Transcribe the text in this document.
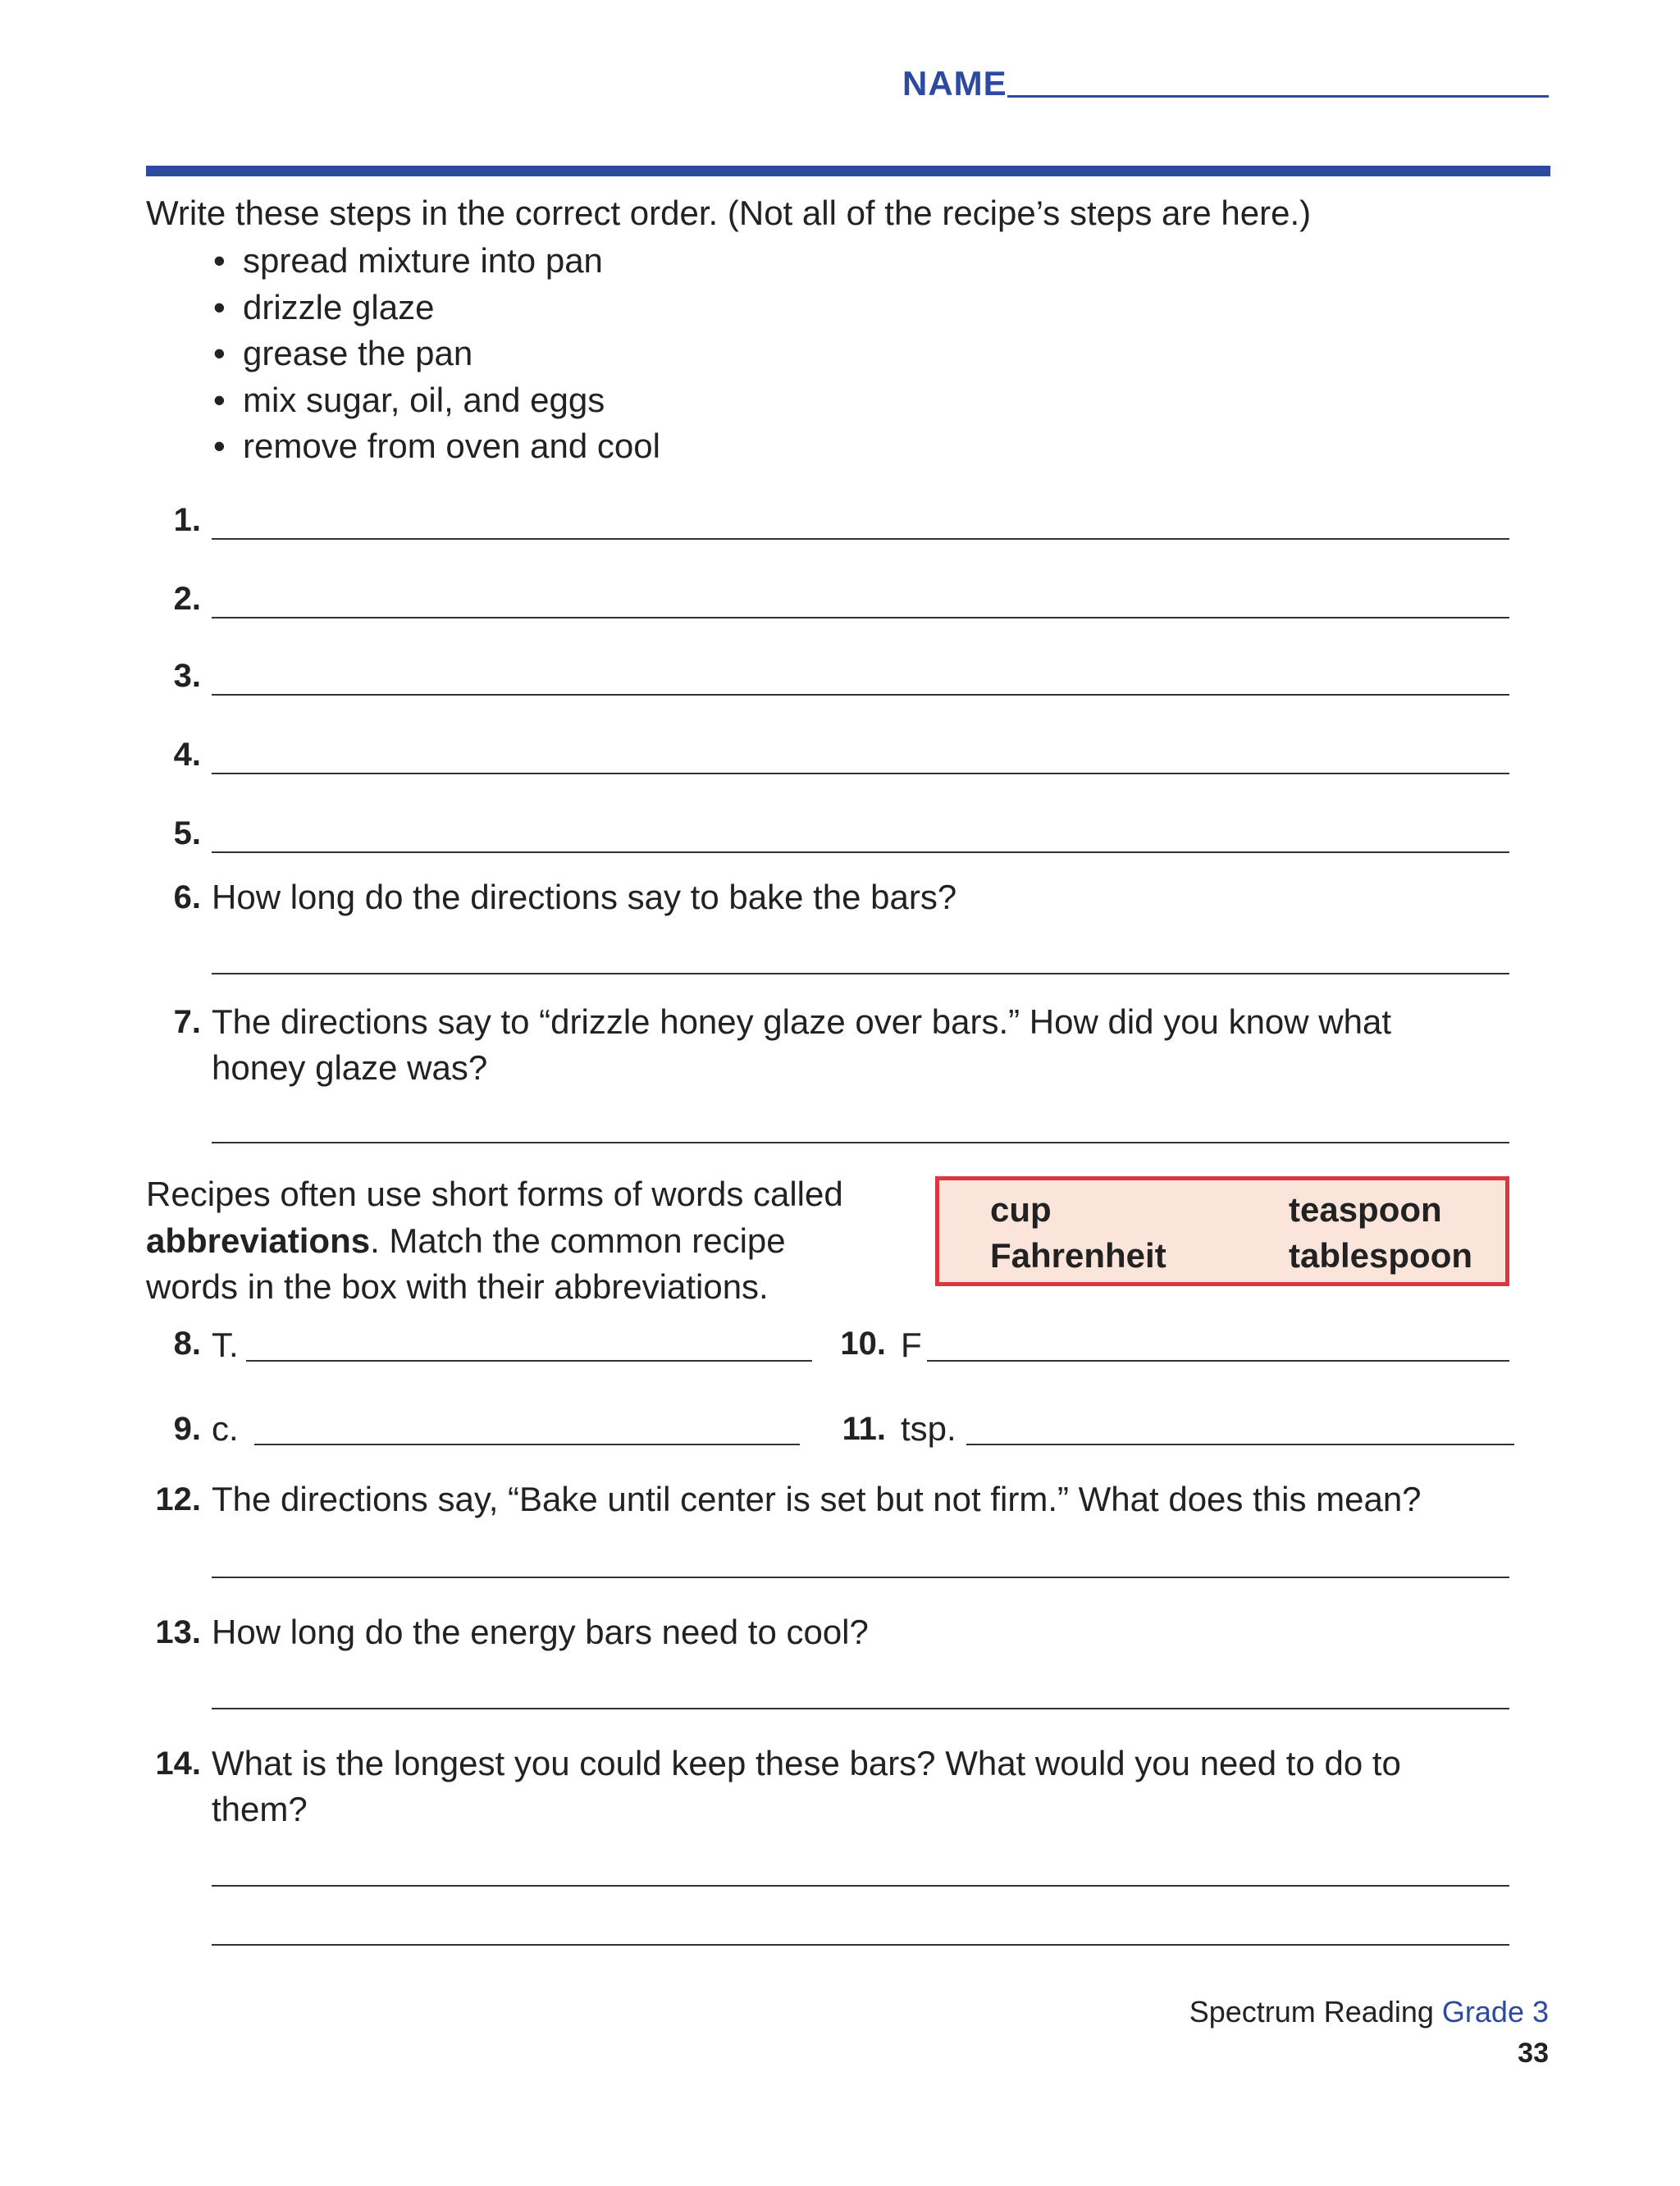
NAME
Write these steps in the correct order. (Not all of the recipe’s steps are here.)
• spread mixture into pan
• drizzle glaze
• grease the pan
• mix sugar, oil, and eggs
• remove from oven and cool
1.
2.
3.
4.
5.
6. How long do the directions say to bake the bars?
7. The directions say to “drizzle honey glaze over bars.” How did you know what
honey glaze was?
Recipes often use short forms of words called
abbreviations. Match the common recipe
words in the box with their abbreviations.
cup	teaspoon
Fahrenheit	tablespoon
8. T.	10. F
9. c.	11. tsp.
12. The directions say, “Bake until center is set but not firm.” What does this mean?
13. How long do the energy bars need to cool?
14. What is the longest you could keep these bars? What would you need to do to
them?
Spectrum Reading Grade 3
33
